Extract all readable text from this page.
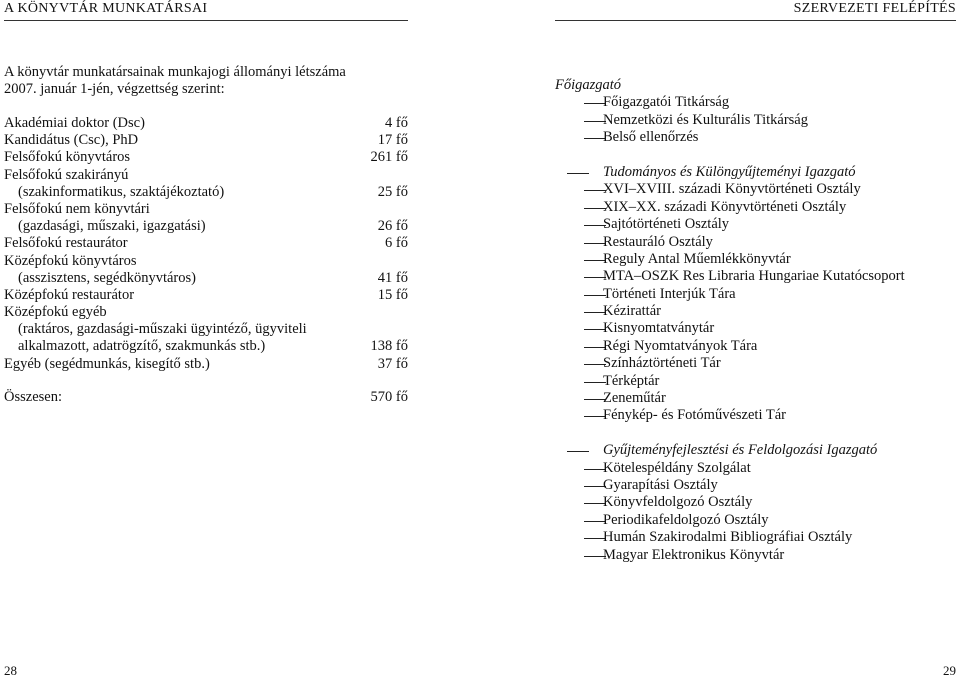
A KÖNYVTÁR MUNKATÁRSAI	SZERVEZETI FELÉPÍTÉS
A könyvtár munkatársainak munkajogi állományi létszáma
2007. január 1-jén, végzettség szerint:
Akadémiai doktor (Dsc)	4 fő
Kandidátus (Csc), PhD	17 fő
Felsőfokú könyvtáros	261 fő
Felsőfokú szakirányú
(szakinformatikus, szaktájékoztató)	25 fő
Felsőfokú nem könyvtári
(gazdasági, műszaki, igazgatási)	26 fő
Felsőfokú restaurátor	6 fő
Középfokú könyvtáros
(asszisztens, segédkönyvtáros)	41 fő
Középfokú restaurátor	15 fő
Középfokú egyéb
(raktáros, gazdasági-műszaki ügyintéző, ügyviteli
alkalmazott, adatrögzítő, szakmunkás stb.)	138 fő
Egyéb (segédmunkás, kisegítő stb.)	37 fő
Összesen:	570 fő
Főigazgató
Főigazgatói Titkárság
Nemzetközi és Kulturális Titkárság
Belső ellenőrzés
Tudományos és Különgyűjteményi Igazgató
XVI–XVIII. századi Könyvtörténeti Osztály
XIX–XX. századi Könyvtörténeti Osztály
Sajtótörténeti Osztály
Restauráló Osztály
Reguly Antal Műemlékkönyvtár
MTA–OSZK Res Libraria Hungariae Kutatócsoport
Történeti Interjúk Tára
Kézirattár
Kisnyomtatványtár
Régi Nyomtatványok Tára
Színháztörténeti Tár
Térképtár
Zeneműtár
Fénykép- és Fotóművészeti Tár
Gyűjteményfejlesztési és Feldolgozási Igazgató
Kötelespéldány Szolgálat
Gyarapítási Osztály
Könyvfeldolgozó Osztály
Periodikafeldolgozó Osztály
Humán Szakirodalmi Bibliográfiai Osztály
Magyar Elektronikus Könyvtár
28	29
